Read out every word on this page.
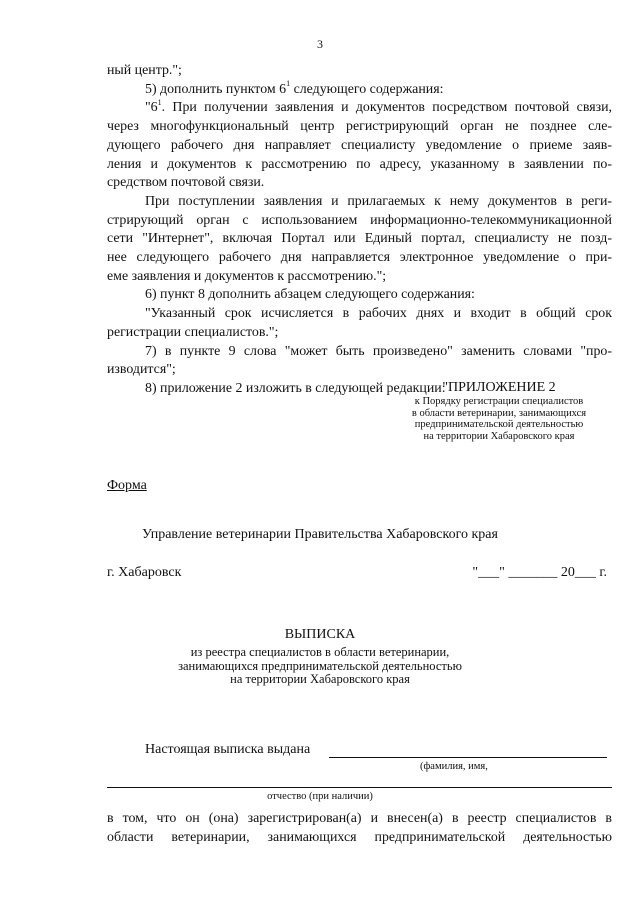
3

ный центр.";

5) дополнить пунктом $6^1$ следующего содержания:

"$6^1$. При получении заявления и документов посредством почтовой связи,

через многофункциональный центр регистрирующий орган не позднее сле-

дующего рабочего дня направляет специалисту уведомление о приеме заяв-

ления и документов к рассмотрению по адресу, указанному в заявлении по-

средством почтовой связи.

При поступлении заявления и прилагаемых к нему документов в реги-

стрирующий орган с использованием информационно-телекоммуникационной

сети "Интернет", включая Портал или Единый портал, специалисту не позд-

нее следующего рабочего дня направляется электронное уведомление о при-

еме заявления и документов к рассмотрению.";

6) пункт 8 дополнить абзацем следующего содержания:

"Указанный срок исчисляется в рабочих днях и входит в общий срок

регистрации специалистов.";

7) в пункте 9 слова "может быть произведено" заменить словами "про-

изводится";

8) приложение 2 изложить в следующей редакции:

"ПРИЛОЖЕНИЕ 2
к Порядку регистрации специалистов
в области ветеринарии, занимающихся
предпринимательской деятельностью
на территории Хабаровского края
Форма
Управление ветеринарии Правительства Хабаровского края
г. Хабаровск	"___" _______ 20___ г.
ВЫПИСКА
из реестра специалистов в области ветеринарии,
занимающихся предпринимательской деятельностью
на территории Хабаровского края
Настоящая выписка выдана
(фамилия, имя,
отчество (при наличии)

в том, что он (она) зарегистрирован(а) и внесен(а) в реестр специалистов в

области ветеринарии, занимающихся предпринимательской деятельностью
